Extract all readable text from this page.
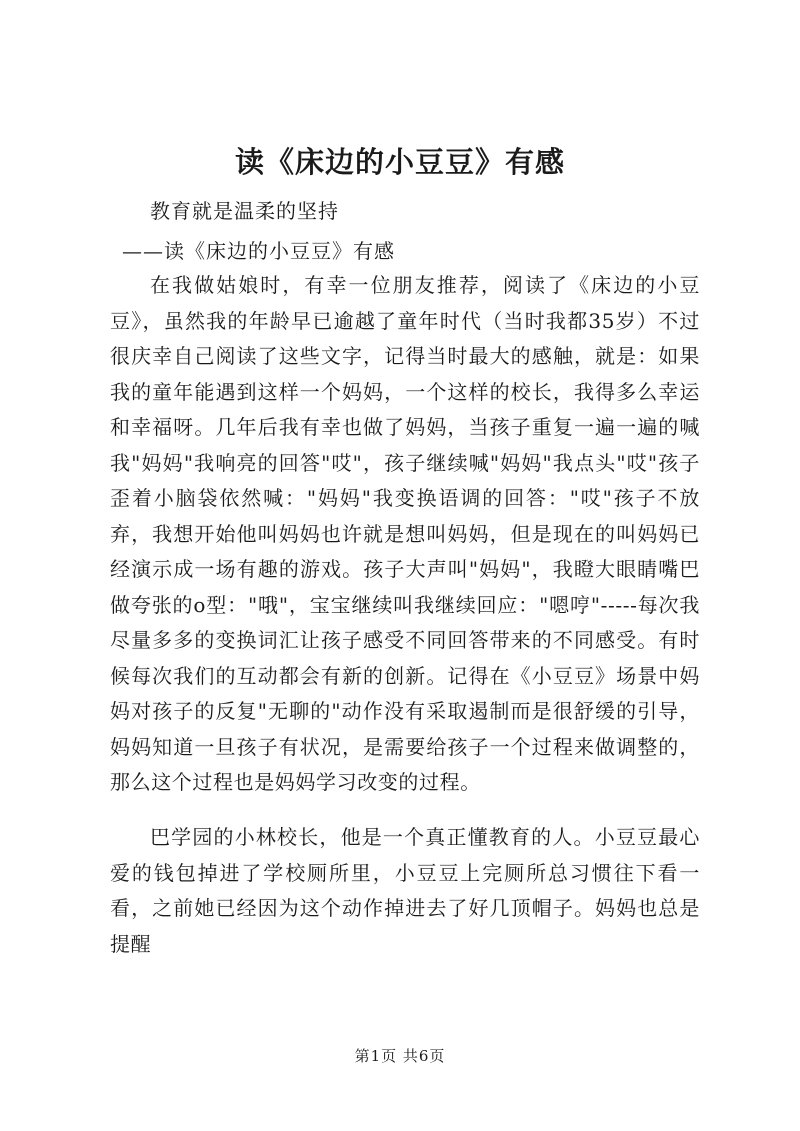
读《床边的小豆豆》有感
教育就是温柔的坚持
——读《床边的小豆豆》有感

在我做姑娘时，有幸一位朋友推荐，阅读了《床边的小豆豆》，虽然我的年龄早已逾越了童年时代（当时我都35岁）不过很庆幸自己阅读了这些文字，记得当时最大的感触，就是：如果我的童年能遇到这样一个妈妈，一个这样的校长，我得多么幸运和幸福呀。几年后我有幸也做了妈妈，当孩子重复一遍一遍的喊我"妈妈"我响亮的回答"哎"，孩子继续喊"妈妈"我点头"哎"孩子歪着小脑袋依然喊："妈妈"我变换语调的回答："哎"孩子不放弃，我想开始他叫妈妈也许就是想叫妈妈，但是现在的叫妈妈已经演示成一场有趣的游戏。孩子大声叫"妈妈"，我瞪大眼睛嘴巴做夸张的o型："哦"，宝宝继续叫我继续回应："嗯哼"-----每次我尽量多多的变换词汇让孩子感受不同回答带来的不同感受。有时候每次我们的互动都会有新的创新。记得在《小豆豆》场景中妈妈对孩子的反复"无聊的"动作没有采取遏制而是很舒缓的引导，妈妈知道一旦孩子有状况，是需要给孩子一个过程来做调整的，那么这个过程也是妈妈学习改变的过程。

巴学园的小林校长，他是一个真正懂教育的人。小豆豆最心爱的钱包掉进了学校厕所里，小豆豆上完厕所总习惯往下看一看，之前她已经因为这个动作掉进去了好几顶帽子。妈妈也总是提醒

第1页 共6页
